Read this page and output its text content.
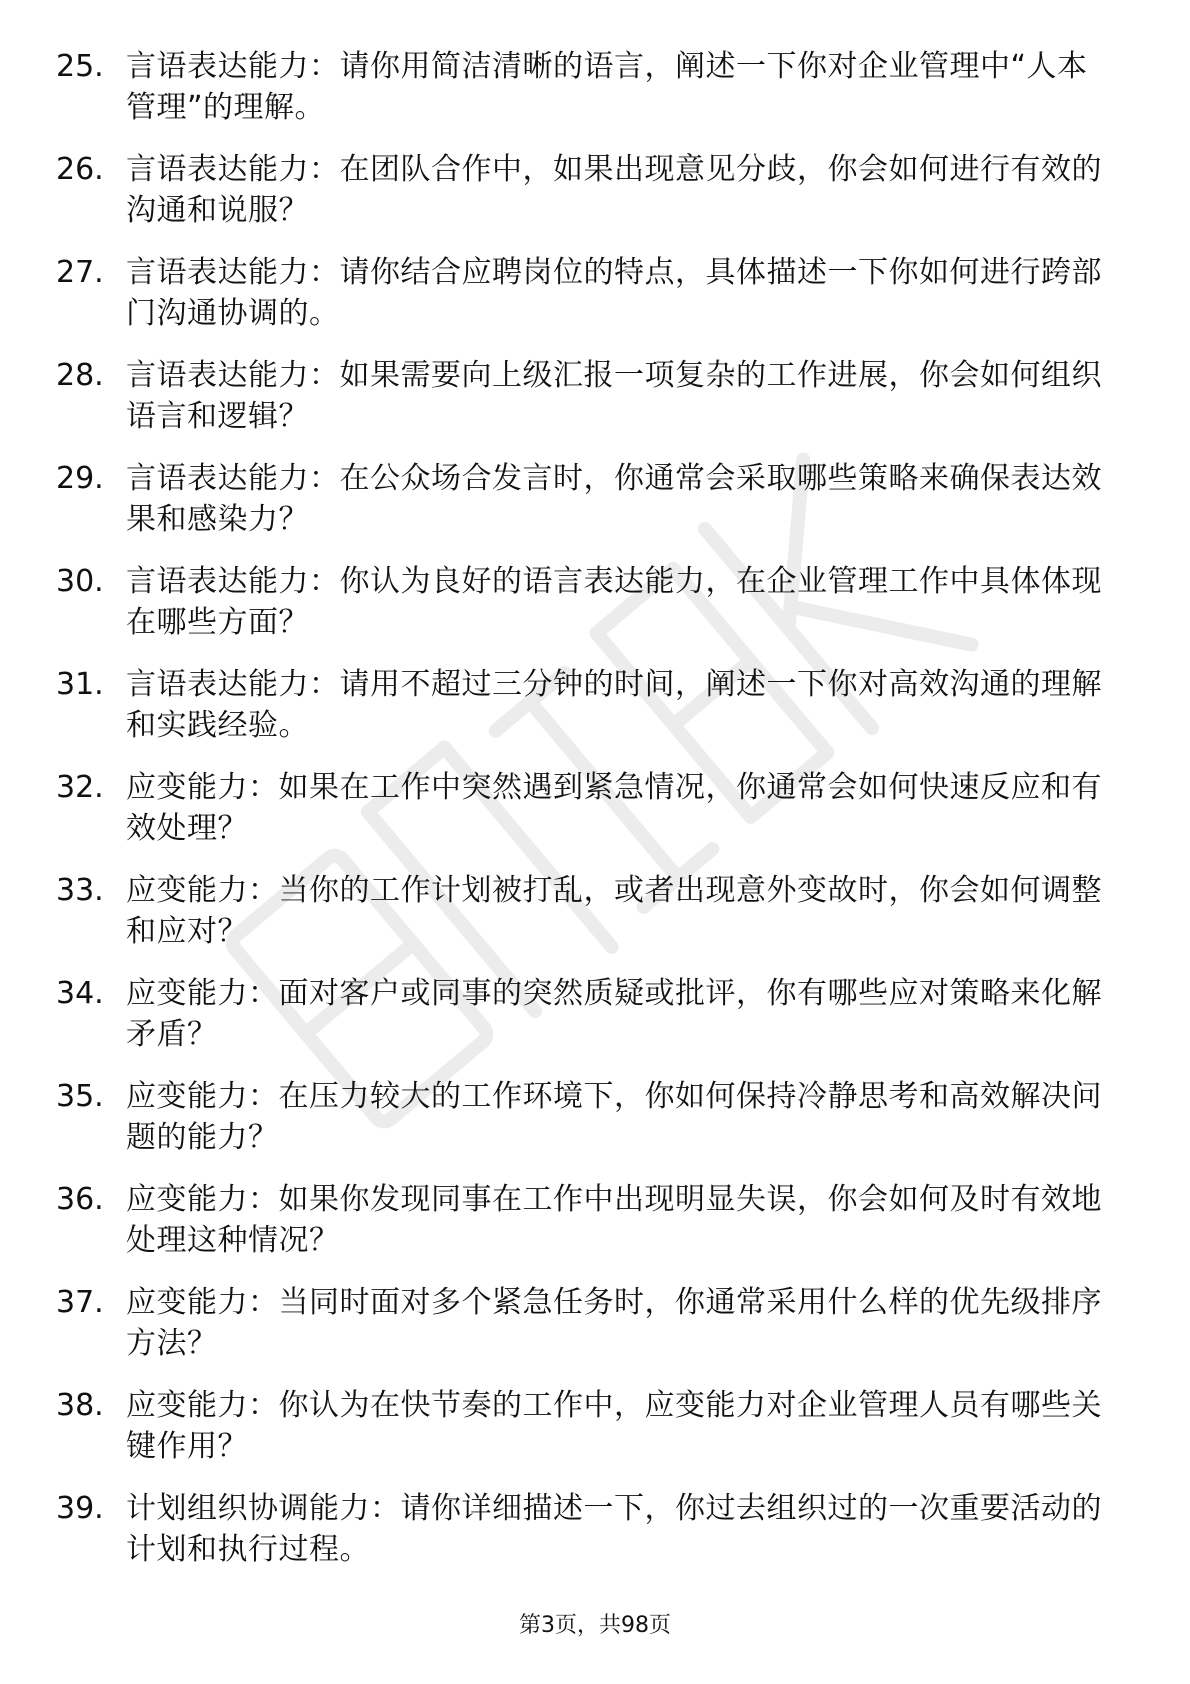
25. 言语表达能力：请你用简洁清晰的语言，阐述一下你对企业管理中“人本管理”的理解。
26. 言语表达能力：在团队合作中，如果出现意见分歧，你会如何进行有效的沟通和说服？
27. 言语表达能力：请你结合应聘岗位的特点，具体描述一下你如何进行跨部门沟通协调的。
28. 言语表达能力：如果需要向上级汇报一项复杂的工作进展，你会如何组织语言和逻辑？
29. 言语表达能力：在公众场合发言时，你通常会采取哪些策略来确保表达效果和感染力？
30. 言语表达能力：你认为良好的语言表达能力，在企业管理工作中具体体现在哪些方面？
31. 言语表达能力：请用不超过三分钟的时间，阐述一下你对高效沟通的理解和实践经验。
32. 应变能力：如果在工作中突然遇到紧急情况，你通常会如何快速反应和有效处理？
33. 应变能力：当你的工作计划被打乱，或者出现意外变故时，你会如何调整和应对？
34. 应变能力：面对客户或同事的突然质疑或批评，你有哪些应对策略来化解矛盾？
35. 应变能力：在压力较大的工作环境下，你如何保持冷静思考和高效解决问题的能力？
36. 应变能力：如果你发现同事在工作中出现明显失误，你会如何及时有效地处理这种情况？
37. 应变能力：当同时面对多个紧急任务时，你通常采用什么样的优先级排序方法？
38. 应变能力：你认为在快节奏的工作中，应变能力对企业管理人员有哪些关键作用？
39. 计划组织协调能力：请你详细描述一下，你过去组织过的一次重要活动的计划和执行过程。
第3页，共98页
